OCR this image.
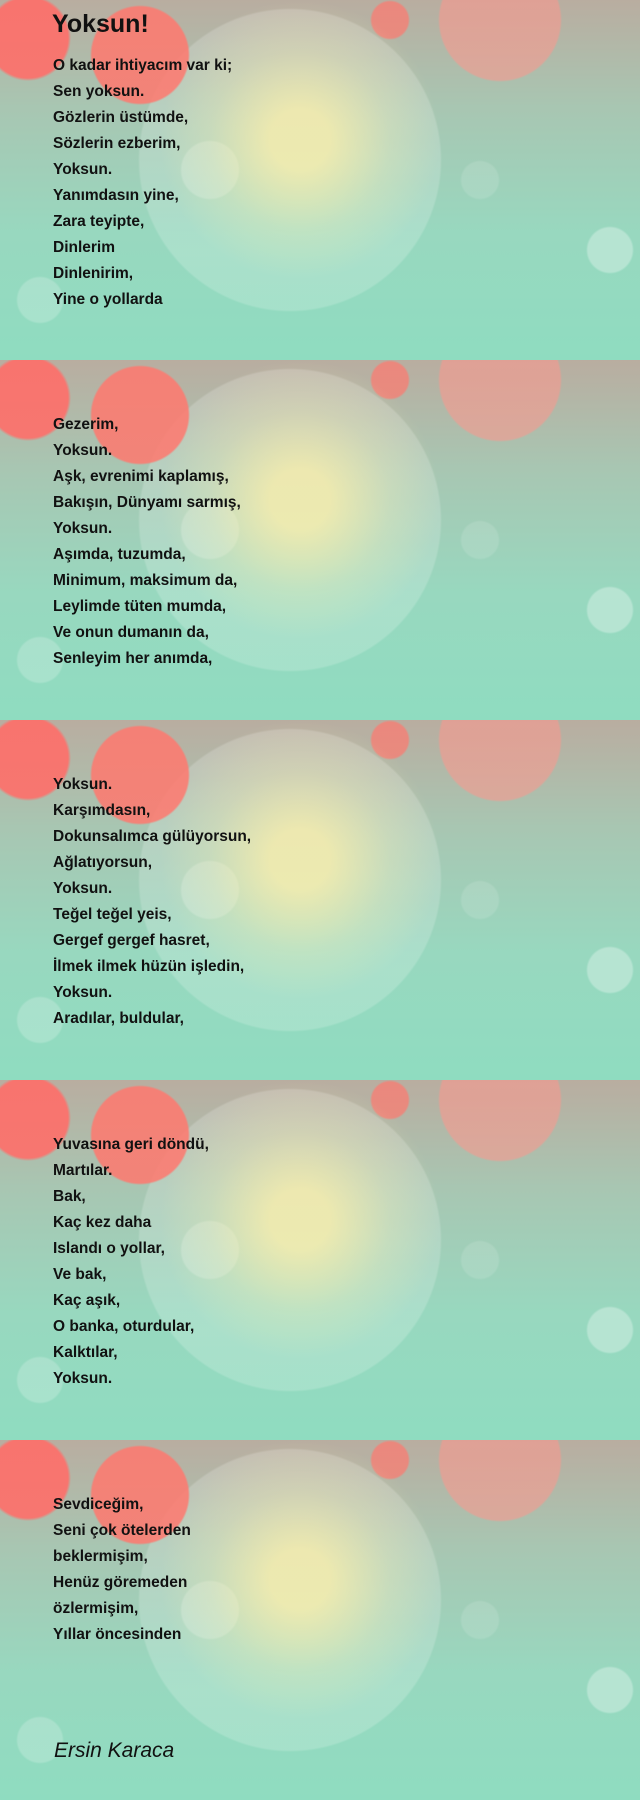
Yoksun!
O kadar ihtiyacım var ki;
Sen yoksun.
Gözlerin üstümde,
Sözlerin ezberim,
Yoksun.
Yanımdasın yine,
Zara teyipte,
Dinlerim
Dinlenirim,
Yine o yollarda
Gezerim,
Yoksun.
Aşk, evrenimi kaplamış,
Bakışın, Dünyamı sarmış,
Yoksun.
Aşımda, tuzumda,
Minimum, maksimum da,
Leylimde tüten mumda,
Ve onun dumanın da,
Senleyim her anımda,
Yoksun.
Karşımdasın,
Dokunsalımca gülüyorsun,
Ağlatıyorsun,
Yoksun.
Teğel teğel yeis,
Gergef gergef hasret,
İlmek ilmek hüzün işledin,
Yoksun.
Aradılar, buldular,
Yuvasına geri döndü,
Martılar.
Bak,
Kaç kez daha
Islandı o yollar,
Ve bak,
Kaç aşık,
O banka, oturdular,
Kalktılar,
Yoksun.
Sevdiceğim,
Seni çok ötelerden
beklermişim,
Henüz göremeden
özlermişim,
Yıllar öncesinden

Ersin Karaca
